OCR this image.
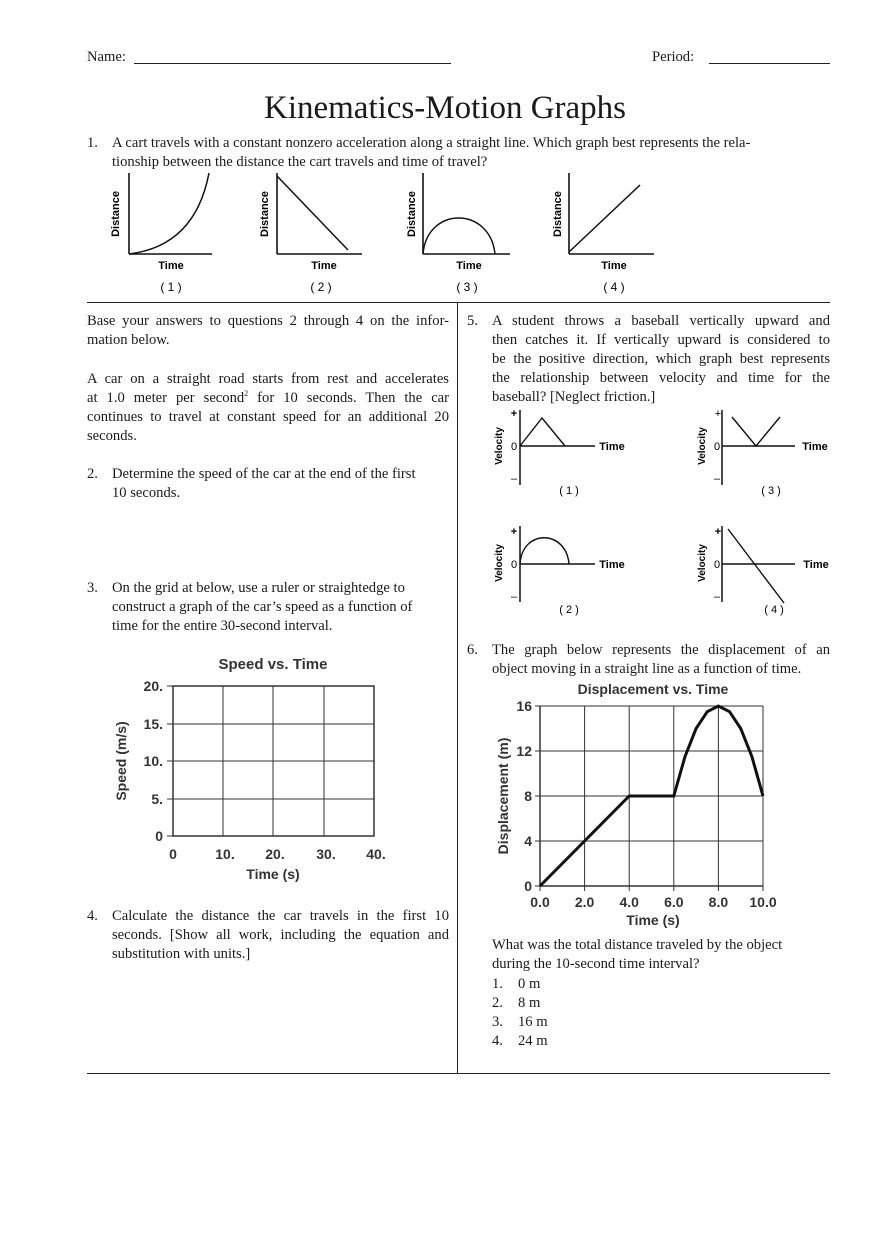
Name:	Period:
Kinematics-Motion Graphs
1. A cart travels with a constant nonzero acceleration along a straight line. Which graph best represents the rela-
tionship between the distance the cart travels and time of travel?
Distance
Time
( 1 )
Distance
Time
( 2 )
Distance
Time
( 3 )
Distance
Time
( 4 )
Base your answers to questions 2 through 4 on the infor-
mation below.
A car on a straight road starts from rest and accelerates
at 1.0 meter per second$^2$ for 10 seconds. Then the car
continues to travel at constant speed for an additional 20
seconds.
2. Determine the speed of the car at the end of the first
10 seconds.
3. On the grid at below, use a ruler or straightedge to
construct a graph of the car’s speed as a function of
time for the entire 30-second interval.
Speed vs. Time
20.
15.
10.
5.
0
0	10. 20. 30. 40.
Time (s)
Speed (m/s)
4. Calculate the distance the car travels in the first 10
seconds. [Show all work, including the equation and
substitution with units.]
5. A student throws a baseball vertically upward and
then catches it. If vertically upward is considered to
be the positive direction, which graph best represents
the relationship between velocity and time for the
baseball? [Neglect friction.]
+
0
–
Velocity	Time
( 1 )
+
0
–
Velocity	Time
( 3 )
+
0
–
Velocity	Time
( 2 )
+
0
–
Velocity	Time
( 4 )
6. The graph below represents the displacement of an
object moving in a straight line as a function of time.
Displacement vs. Time
0.0 2.0 4.0 6.0 8.0 10.0
0
4
8
12
16
Time (s)
Displacement (m)
What was the total distance traveled by the object
during the 10-second time interval?
1. 0 m
2. 8 m
3. 16 m
4. 24 m
